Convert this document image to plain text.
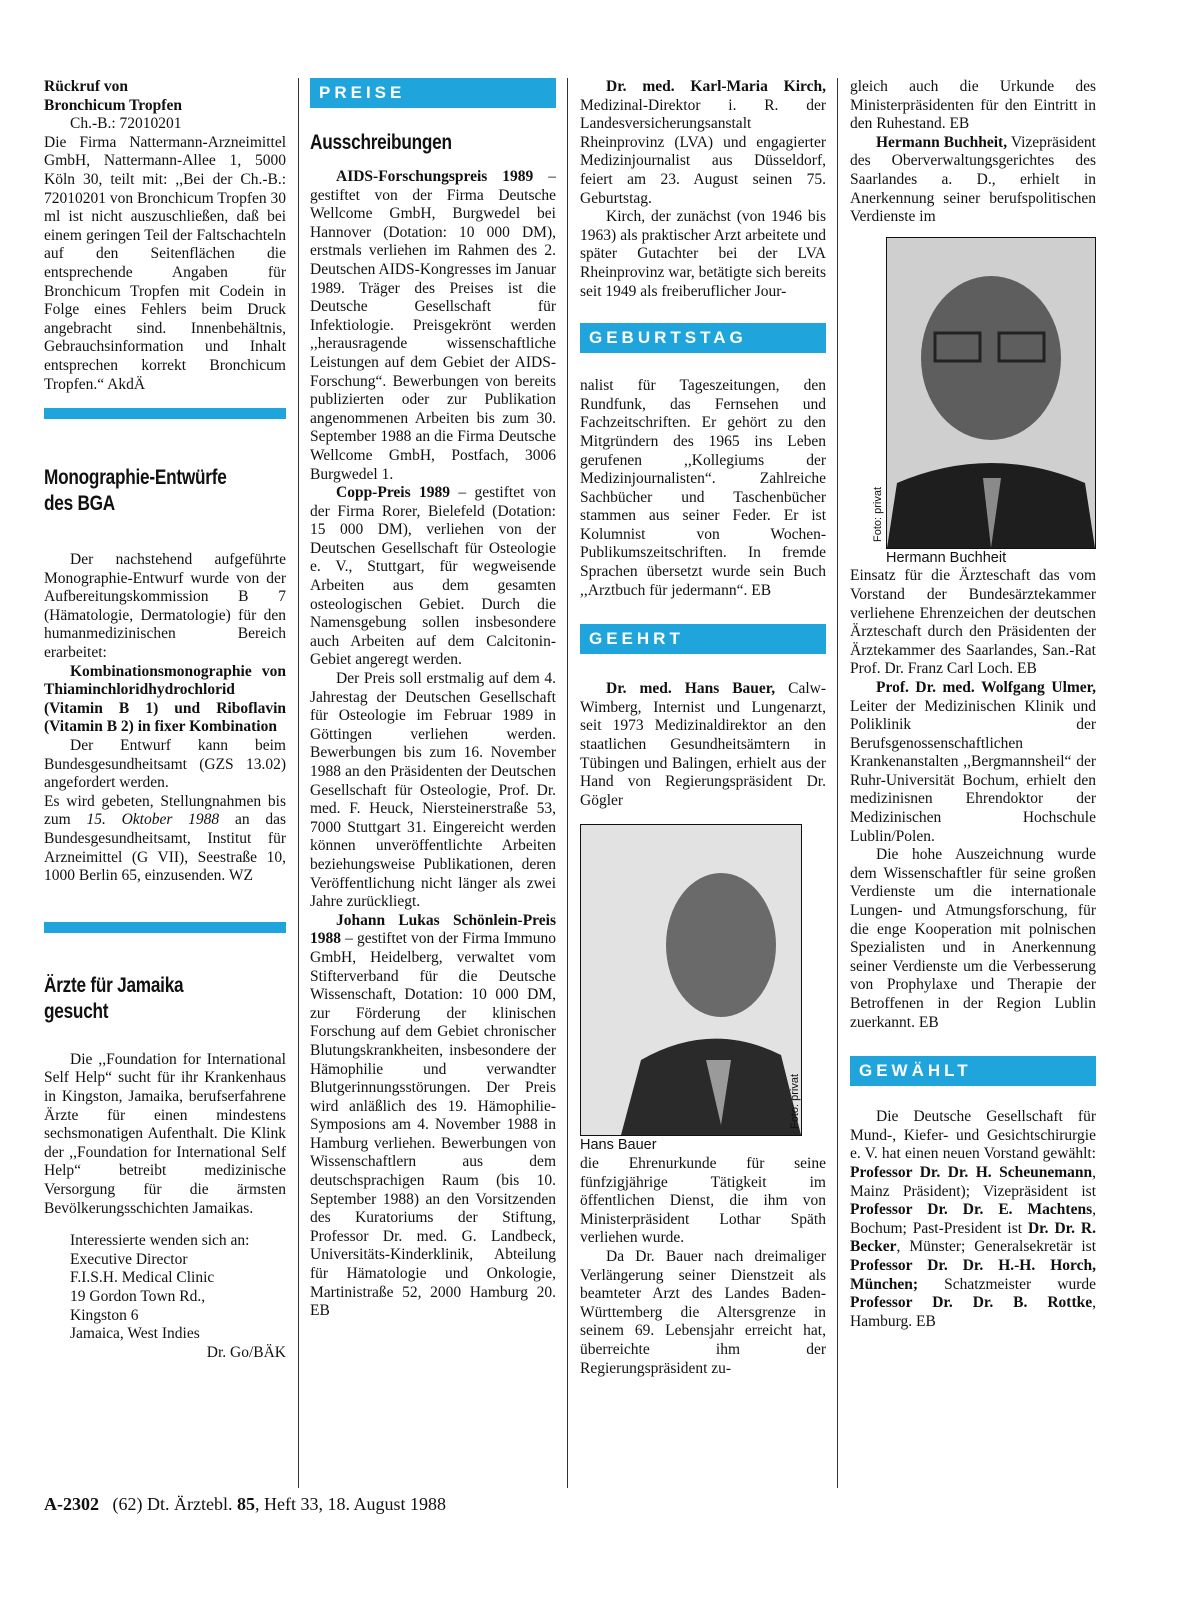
Rückruf von
Bronchicum Tropfen

Ch.-B.: 72010201

Die Firma Nattermann-Arzneimittel GmbH, Nattermann-Allee 1, 5000 Köln 30, teilt mit: ,,Bei der Ch.-B.: 72010201 von Bronchicum Tropfen 30 ml ist nicht auszuschließen, daß bei einem geringen Teil der Faltschachteln auf den Seitenflächen die entsprechende Angaben für Bronchicum Tropfen mit Codein in Folge eines Fehlers beim Druck angebracht sind. Innenbehältnis, Gebrauchsinformation und Inhalt entsprechen korrekt Bronchicum Tropfen.“ AkdÄ

Monographie-Entwürfe
des BGA

Der nachstehend aufgeführte Monographie-Entwurf wurde von der Aufbereitungskommission B 7 (Hämatologie, Dermatologie) für den humanmedizinischen Bereich erarbeitet:

Kombinationsmonographie von Thiaminchloridhydrochlorid (Vitamin B 1) und Riboflavin (Vitamin B 2) in fixer Kombination

Der Entwurf kann beim Bundesgesundheitsamt (GZS 13.02) angefordert werden.

Es wird gebeten, Stellungnahmen bis zum 15. Oktober 1988 an das Bundesgesundheitsamt, Institut für Arzneimittel (G VII), Seestraße 10, 1000 Berlin 65, einzusenden. WZ

Ärzte für Jamaika
gesucht

Die ,,Foundation for International Self Help“ sucht für ihr Krankenhaus in Kingston, Jamaika, berufserfahrene Ärzte für einen mindestens sechsmonatigen Aufenthalt. Die Klink der ,,Foundation for International Self Help“ betreibt medizinische Versorgung für die ärmsten Bevölkerungsschichten Jamaikas.

Interessierte wenden sich an:

Executive Director

F.I.S.H. Medical Clinic

19 Gordon Town Rd.,

Kingston 6

Jamaica, West Indies

Dr. Go/BÄK

PREISE

Ausschreibungen

AIDS-Forschungspreis 1989 – gestiftet von der Firma Deutsche Wellcome GmbH, Burgwedel bei Hannover (Dotation: 10 000 DM), erstmals verliehen im Rahmen des 2. Deutschen AIDS-Kongresses im Januar 1989. Träger des Preises ist die Deutsche Gesellschaft für Infektiologie. Preisgekrönt werden ,,herausragende wissenschaftliche Leistungen auf dem Gebiet der AIDS-Forschung“. Bewerbungen von bereits publizierten oder zur Publikation angenommenen Arbeiten bis zum 30. September 1988 an die Firma Deutsche Wellcome GmbH, Postfach, 3006 Burgwedel 1.

Copp-Preis 1989 – gestiftet von der Firma Rorer, Bielefeld (Dotation: 15 000 DM), verliehen von der Deutschen Gesellschaft für Osteologie e. V., Stuttgart, für wegweisende Arbeiten aus dem gesamten osteologischen Gebiet. Durch die Namensgebung sollen insbesondere auch Arbeiten auf dem Calcitonin-Gebiet angeregt werden.

Der Preis soll erstmalig auf dem 4. Jahrestag der Deutschen Gesellschaft für Osteologie im Februar 1989 in Göttingen verliehen werden. Bewerbungen bis zum 16. November 1988 an den Präsidenten der Deutschen Gesellschaft für Osteologie, Prof. Dr. med. F. Heuck, Niersteinerstraße 53, 7000 Stuttgart 31. Eingereicht werden können unveröffentlichte Arbeiten beziehungsweise Publikationen, deren Veröffentlichung nicht länger als zwei Jahre zurückliegt.

Johann Lukas Schönlein-Preis 1988 – gestiftet von der Firma Immuno GmbH, Heidelberg, verwaltet vom Stifterverband für die Deutsche Wissenschaft, Dotation: 10 000 DM, zur Förderung der klinischen Forschung auf dem Gebiet chronischer Blutungskrankheiten, insbesondere der Hämophilie und verwandter Blutgerinnungsstörungen. Der Preis wird anläßlich des 19. Hämophilie-Symposions am 4. November 1988 in Hamburg verliehen. Bewerbungen von Wissenschaftlern aus dem deutschsprachigen Raum (bis 10. September 1988) an den Vorsitzenden des Kuratoriums der Stiftung, Professor Dr. med. G. Landbeck, Universitäts-Kinderklinik, Abteilung für Hämatologie und Onkologie, Martinistraße 52, 2000 Hamburg 20. EB

Dr. med. Karl-Maria Kirch, Medizinal-Direktor i. R. der Landesversicherungsanstalt Rheinprovinz (LVA) und engagierter Medizinjournalist aus Düsseldorf, feiert am 23. August seinen 75. Geburtstag.

Kirch, der zunächst (von 1946 bis 1963) als praktischer Arzt arbeitete und später Gutachter bei der LVA Rheinprovinz war, betätigte sich bereits seit 1949 als freiberuflicher Jour-

GEBURTSTAG

nalist für Tageszeitungen, den Rundfunk, das Fernsehen und Fachzeitschriften. Er gehört zu den Mitgründern des 1965 ins Leben gerufenen ,,Kollegiums der Medizinjournalisten“. Zahlreiche Sachbücher und Taschenbücher stammen aus seiner Feder. Er ist Kolumnist von Wochen-Publikumszeitschriften. In fremde Sprachen übersetzt wurde sein Buch ,,Arztbuch für jedermann“. EB

GEEHRT

Dr. med. Hans Bauer, Calw-Wimberg, Internist und Lungenarzt, seit 1973 Medizinaldirektor an den staatlichen Gesundheitsämtern in Tübingen und Balingen, erhielt aus der Hand von Regierungspräsident Dr. Gögler

Foto: privat

Hans Bauer

die Ehrenurkunde für seine fünfzigjährige Tätigkeit im öffentlichen Dienst, die ihm von Ministerpräsident Lothar Späth verliehen wurde.

Da Dr. Bauer nach dreimaliger Verlängerung seiner Dienstzeit als beamteter Arzt des Landes Baden-Württemberg die Altersgrenze in seinem 69. Lebensjahr erreicht hat, überreichte ihm der Regierungspräsident zu-

gleich auch die Urkunde des Ministerpräsidenten für den Eintritt in den Ruhestand. EB

Hermann Buchheit, Vizepräsident des Oberverwaltungsgerichtes des Saarlandes a. D., erhielt in Anerkennung seiner berufspolitischen Verdienste im

Foto: privat

Hermann Buchheit

Einsatz für die Ärzteschaft das vom Vorstand der Bundesärztekammer verliehene Ehrenzeichen der deutschen Ärzteschaft durch den Präsidenten der Ärztekammer des Saarlandes, San.-Rat Prof. Dr. Franz Carl Loch. EB

Prof. Dr. med. Wolfgang Ulmer, Leiter der Medizinischen Klinik und Poliklinik der Berufsgenossenschaftlichen Krankenanstalten ,,Bergmannsheil“ der Ruhr-Universität Bochum, erhielt den medizinisnen Ehrendoktor der Medizinischen Hochschule Lublin/Polen.

Die hohe Auszeichnung wurde dem Wissenschaftler für seine großen Verdienste um die internationale Lungen- und Atmungsforschung, für die enge Kooperation mit polnischen Spezialisten und in Anerkennung seiner Verdienste um die Verbesserung von Prophylaxe und Therapie der Betroffenen in der Region Lublin zuerkannt. EB

GEWÄHLT

Die Deutsche Gesellschaft für Mund-, Kiefer- und Gesichtschirurgie e. V. hat einen neuen Vorstand gewählt: Professor Dr. Dr. H. Scheunemann, Mainz Präsident); Vizepräsident ist Professor Dr. Dr. E. Machtens, Bochum; Past-President ist Dr. Dr. R. Becker, Münster; Generalsekretär ist Professor Dr. Dr. H.-H. Horch, München; Schatzmeister wurde Professor Dr. Dr. B. Rottke, Hamburg. EB

A-2302 (62) Dt. Ärztebl. 85, Heft 33, 18. August 1988
